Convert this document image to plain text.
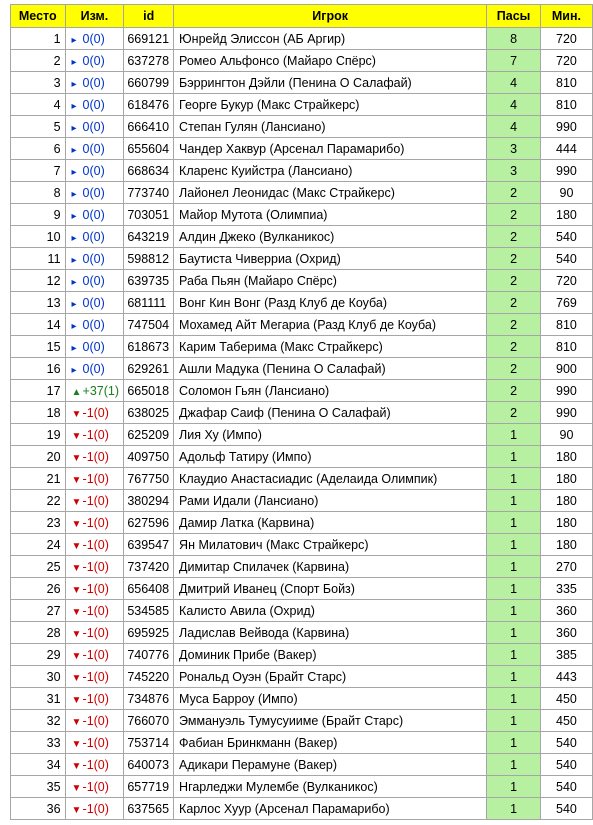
Место	Изм.	id	Игрок	Пасы	Мин.
1	▸ 0(0)	669121	Юнрейд Элиссон (АБ Аргир)	8	720
2	▸ 0(0)	637278	Ромео Альфонсо (Майаро Спёрс)	7	720
3	▸ 0(0)	660799	Бэррингтон Дэйли (Пенина О Салафай)	4	810
4	▸ 0(0)	618476	Георге Букур (Макс Страйкерс)	4	810
5	▸ 0(0)	666410	Степан Гулян (Лансиано)	4	990
6	▸ 0(0)	655604	Чандер Хаквур (Арсенал Парамарибо)	3	444
7	▸ 0(0)	668634	Кларенс Куийстра (Лансиано)	3	990
8	▸ 0(0)	773740	Лайонел Леонидас (Макс Страйкерс)	2	90
9	▸ 0(0)	703051	Майор Мутота (Олимпиа)	2	180
10	▸ 0(0)	643219	Алдин Джеко (Вулканикос)	2	540
11	▸ 0(0)	598812	Баутиста Чиверриа (Охрид)	2	540
12	▸ 0(0)	639735	Раба Пьян (Майаро Спёрс)	2	720
13	▸ 0(0)	681111	Вонг Кин Вонг (Разд Клуб де Коуба)	2	769
14	▸ 0(0)	747504	Мохамед Айт Мегариа (Разд Клуб де Коуба)	2	810
15	▸ 0(0)	618673	Карим Таберима (Макс Страйкерс)	2	810
16	▸ 0(0)	629261	Ашли Мадука (Пенина О Салафай)	2	900
17	▲+37(1)	665018	Соломон Гьян (Лансиано)	2	990
18	▼-1(0)	638025	Джафар Саиф (Пенина О Салафай)	2	990
19	▼-1(0)	625209	Лия Ху (Импо)	1	90
20	▼-1(0)	409750	Адольф Татиру (Импо)	1	180
21	▼-1(0)	767750	Клаудио Анастасиадис (Аделаида Олимпик)	1	180
22	▼-1(0)	380294	Рами Идали (Лансиано)	1	180
23	▼-1(0)	627596	Дамир Латка (Карвина)	1	180
24	▼-1(0)	639547	Ян Милатович (Макс Страйкерс)	1	180
25	▼-1(0)	737420	Димитар Спилачек (Карвина)	1	270
26	▼-1(0)	656408	Дмитрий Иванец (Спорт Бойз)	1	335
27	▼-1(0)	534585	Калисто Авила (Охрид)	1	360
28	▼-1(0)	695925	Ладислав Вейвода (Карвина)	1	360
29	▼-1(0)	740776	Доминик Прибе (Вакер)	1	385
30	▼-1(0)	745220	Рональд Оуэн (Брайт Старс)	1	443
31	▼-1(0)	734876	Муса Барроу (Импо)	1	450
32	▼-1(0)	766070	Эммануэль Тумусуииме (Брайт Старс)	1	450
33	▼-1(0)	753714	Фабиан Бринкманн (Вакер)	1	540
34	▼-1(0)	640073	Адикари Перамуне (Вакер)	1	540
35	▼-1(0)	657719	Нгарледжи Мулембе (Вулканикос)	1	540
36	▼-1(0)	637565	Карлос Хуур (Арсенал Парамарибо)	1	540
